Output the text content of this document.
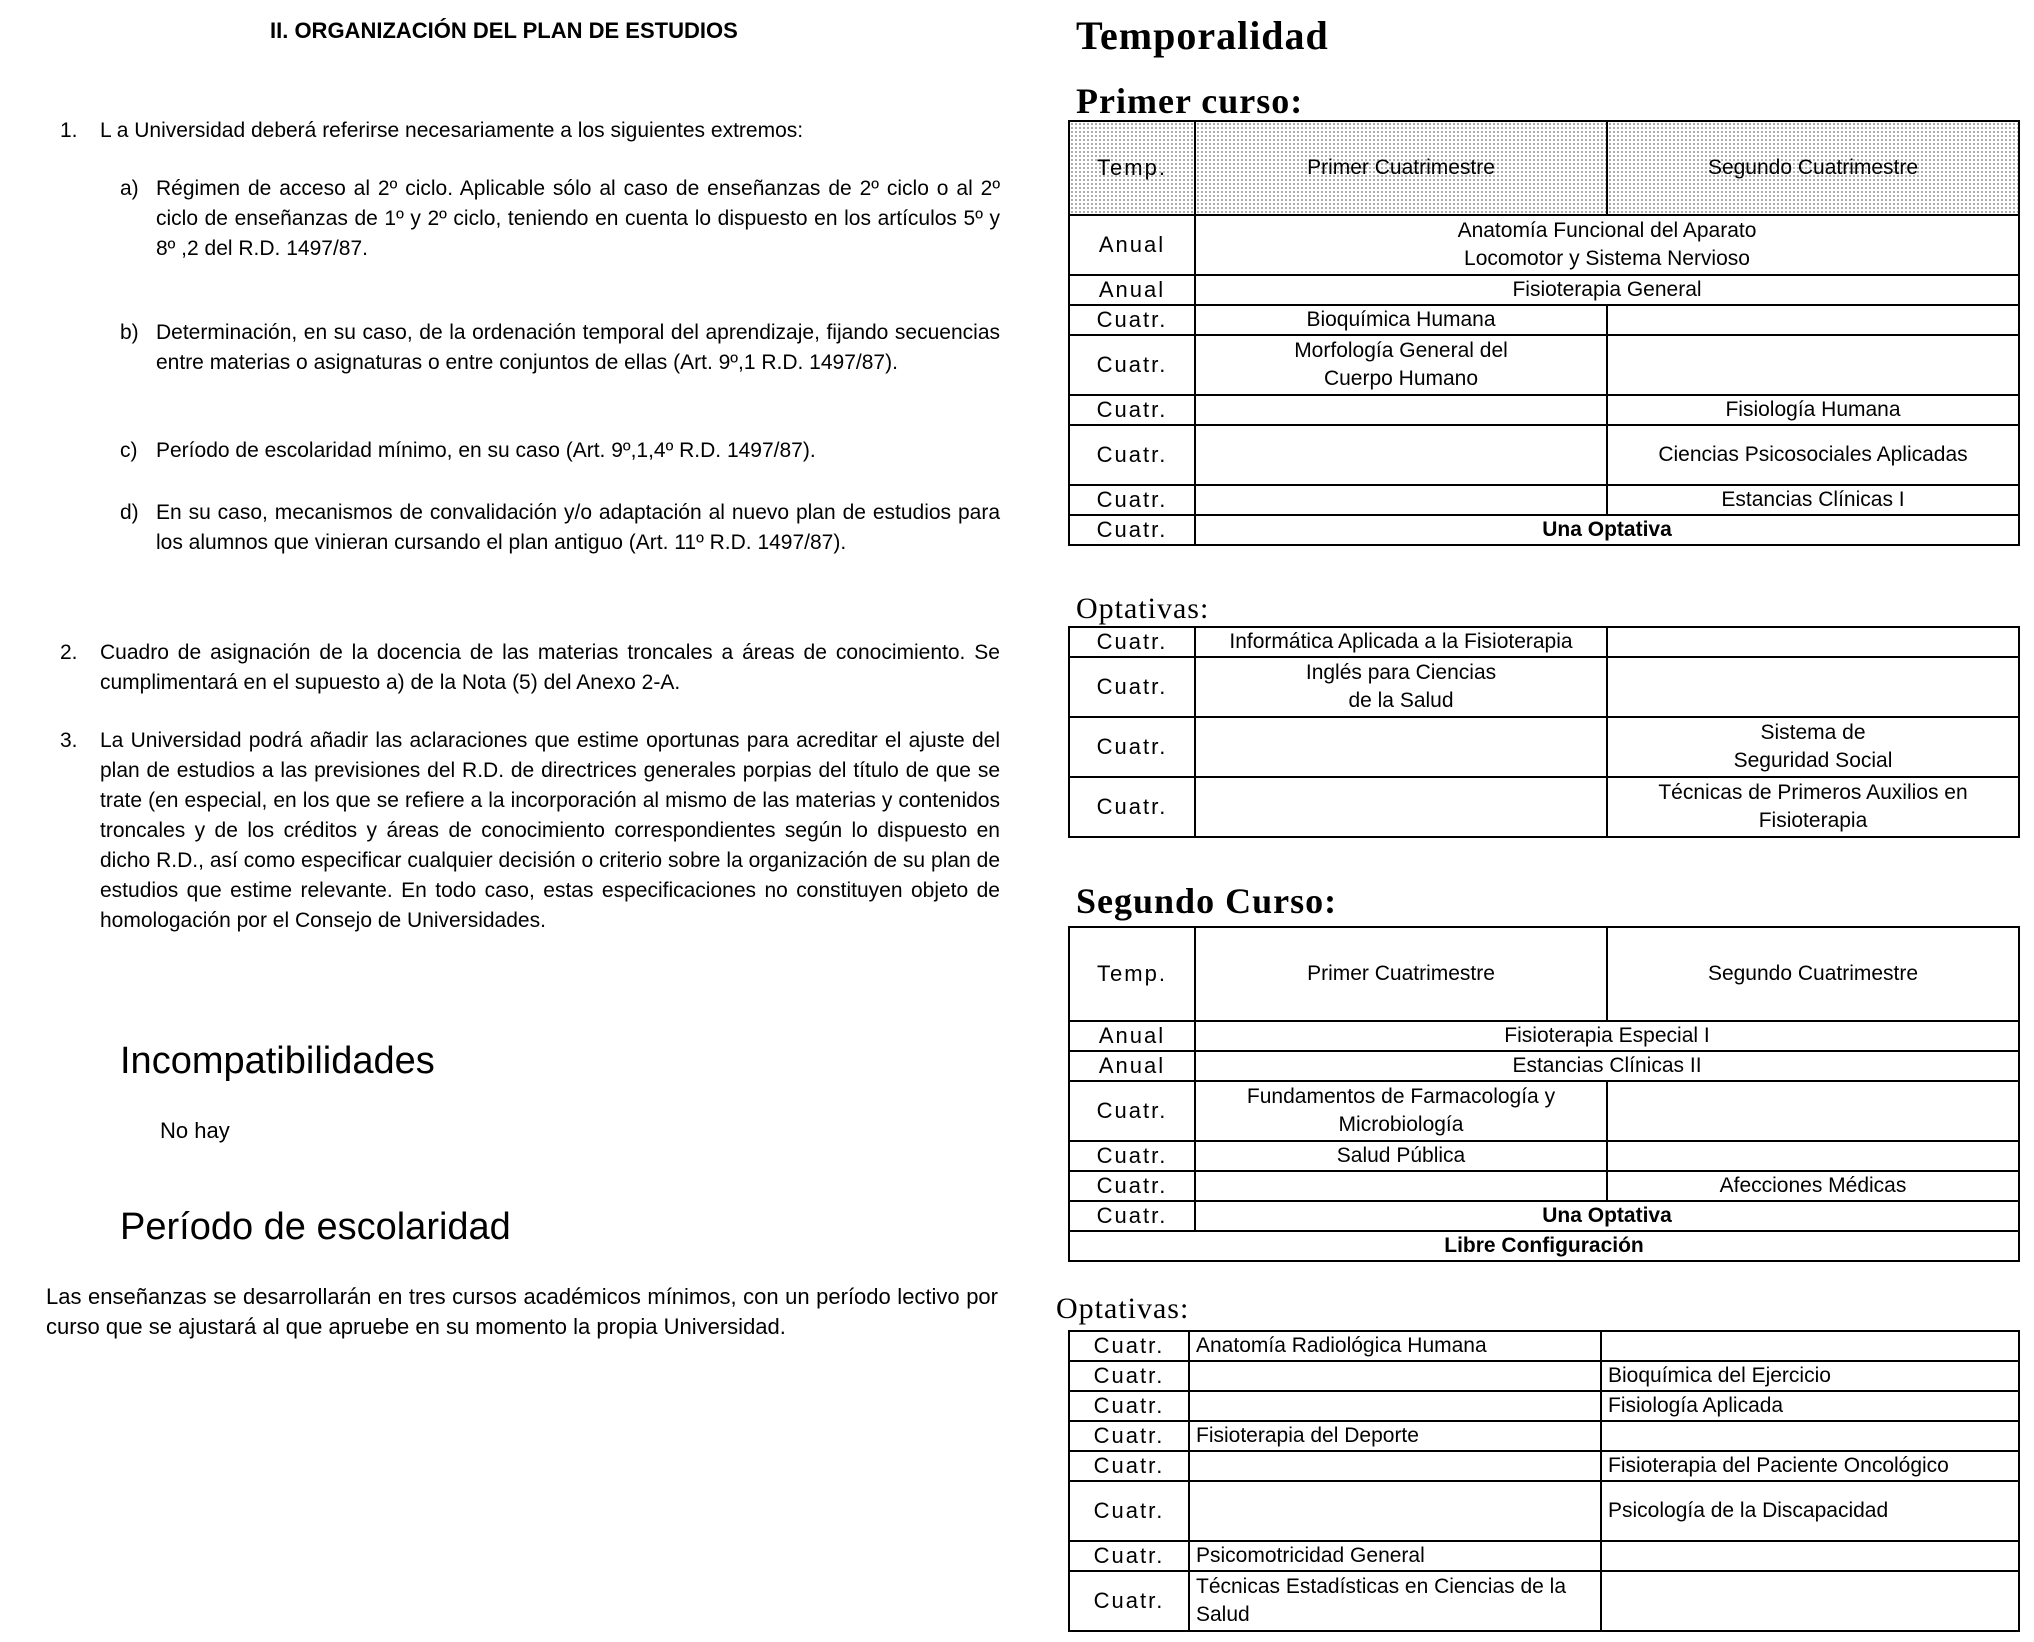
II. ORGANIZACIÓN DEL PLAN DE ESTUDIOS
1. L a Universidad deberá referirse necesariamente a los siguientes extremos:
a) Régimen de acceso al 2º ciclo. Aplicable sólo al caso de enseñanzas de 2º ciclo o al 2º ciclo de enseñanzas de 1º y 2º ciclo, teniendo en cuenta lo dispuesto en los artículos 5º y 8º ,2 del R.D. 1497/87.
b) Determinación, en su caso, de la ordenación temporal del aprendizaje, fijando secuencias entre materias o asignaturas o entre conjuntos de ellas (Art. 9º,1 R.D. 1497/87).
c) Período de escolaridad mínimo, en su caso (Art. 9º,1,4º R.D. 1497/87).
d) En su caso, mecanismos de convalidación y/o adaptación al nuevo plan de estudios para los alumnos que vinieran cursando el plan antiguo (Art. 11º R.D. 1497/87).
2. Cuadro de asignación de la docencia de las materias troncales a áreas de conocimiento. Se cumplimentará en el supuesto a) de la Nota (5) del Anexo 2-A.
3. La Universidad podrá añadir las aclaraciones que estime oportunas para acreditar el ajuste del plan de estudios a las previsiones del R.D. de directrices generales porpias del título de que se trate (en especial, en los que se refiere a la incorporación al mismo de las materias y contenidos troncales y de los créditos y áreas de conocimiento correspondientes según lo dispuesto en dicho R.D., así como especificar cualquier decisión o criterio sobre la organización de su plan de estudios que estime relevante. En todo caso, estas especificaciones no constituyen objeto de homologación por el Consejo de Universidades.
Incompatibilidades
No hay
Período de escolaridad
Las enseñanzas se desarrollarán en tres cursos académicos mínimos, con un período lectivo por curso que se ajustará al que apruebe en su momento la propia Universidad.
Temporalidad
Primer curso:
Temp.	Primer Cuatrimestre	Segundo Cuatrimestre
Anual	Anatomía Funcional del Aparato Locomotor y Sistema Nervioso	

Anual	Fisioterapia General	
Cuatr.	Bioquímica Humana	
Cuatr.	Morfología General del Cuerpo Humano	

Cuatr.		Fisiología Humana
Cuatr.		Ciencias Psicosociales Aplicadas
Cuatr.		Estancias Clínicas I
Cuatr.	Una Optativa	
Optativas:
Cuatr.	Informática Aplicada a la Fisioterapia	
Cuatr.	Inglés para Ciencias de la Salud	

Cuatr.		Sistema de Seguridad Social

Cuatr.		Técnicas de Primeros Auxilios en Fisioterapia
Segundo Curso:
Temp.	Primer Cuatrimestre	Segundo Cuatrimestre
Anual	Fisioterapia Especial I	
Anual	Estancias Clínicas II	
Cuatr.	Fundamentos de Farmacología y Microbiología	

Cuatr.	Salud Pública	
Cuatr.		Afecciones Médicas
Cuatr.	Una Optativa	
Libre Configuración		
Optativas:
Cuatr.	Anatomía Radiológica Humana	
Cuatr.		Bioquímica del Ejercicio
Cuatr.		Fisiología Aplicada
Cuatr.	Fisioterapia del Deporte	
Cuatr.		Fisioterapia del Paciente Oncológico
Cuatr.		Psicología de la Discapacidad
Cuatr.	Psicomotricidad General	
Cuatr.	Técnicas Estadísticas en Ciencias de la Salud	
